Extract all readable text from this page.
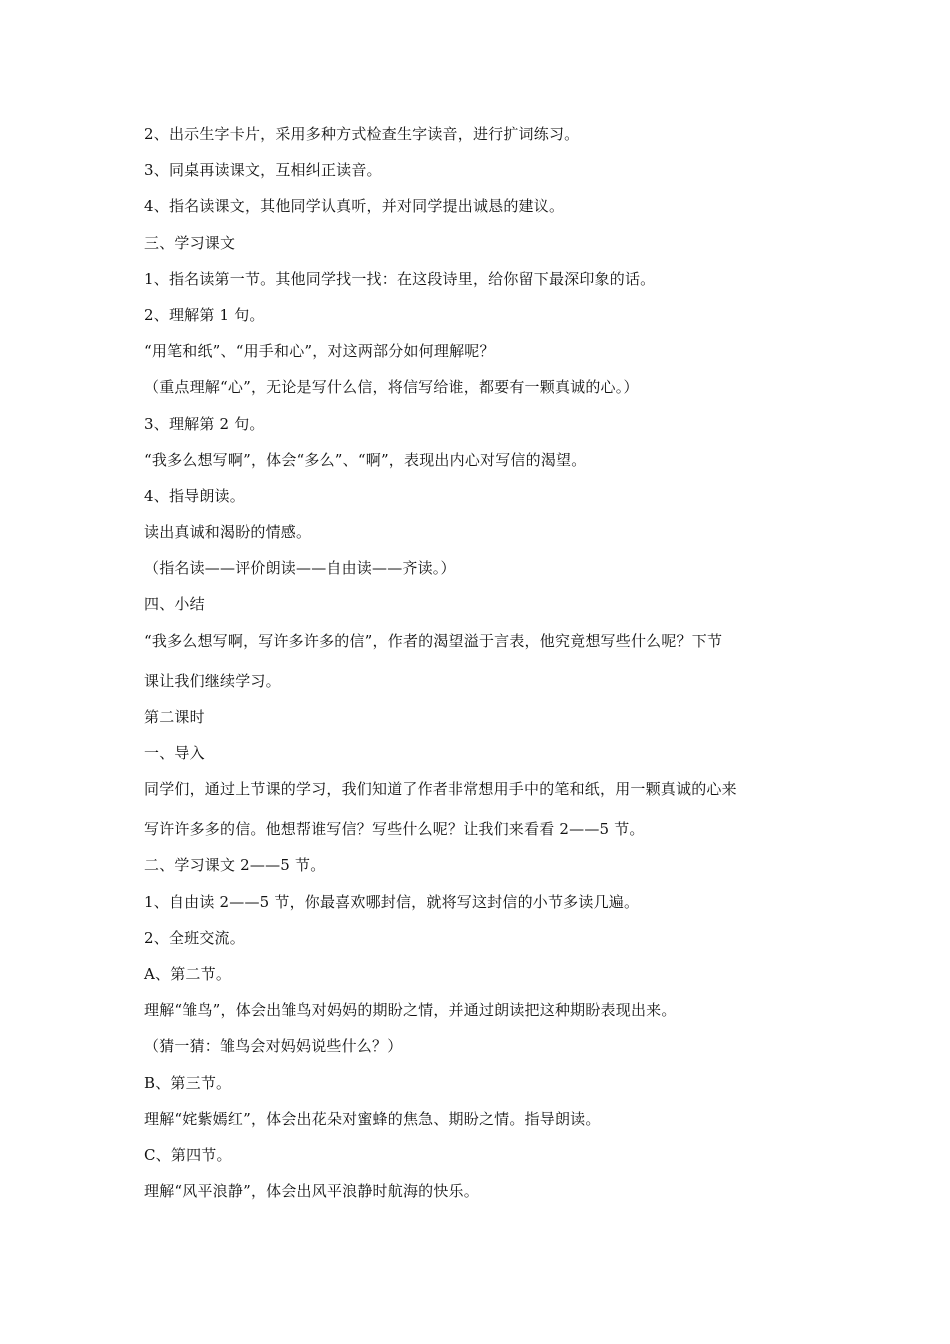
2、出示生字卡片，采用多种方式检查生字读音，进行扩词练习。
3、同桌再读课文，互相纠正读音。
4、指名读课文，其他同学认真听，并对同学提出诚恳的建议。
三、学习课文
1、指名读第一节。其他同学找一找：在这段诗里，给你留下最深印象的话。
2、理解第 1 句。
“用笔和纸”、“用手和心”，对这两部分如何理解呢？
（重点理解“心”，无论是写什么信，将信写给谁，都要有一颗真诚的心。）
3、理解第 2 句。
“我多么想写啊”，体会“多么”、“啊”，表现出内心对写信的渴望。
4、指导朗读。
读出真诚和渴盼的情感。
（指名读——评价朗读——自由读——齐读。）
四、小结
“我多么想写啊，写许多许多的信”，作者的渴望溢于言表，他究竟想写些什么呢？下节
课让我们继续学习。
第二课时
一、导入
同学们，通过上节课的学习，我们知道了作者非常想用手中的笔和纸，用一颗真诚的心来
写许许多多的信。他想帮谁写信？写些什么呢？让我们来看看 2——5 节。
二、学习课文 2——5 节。
1、自由读 2——5 节，你最喜欢哪封信，就将写这封信的小节多读几遍。
2、全班交流。
A、第二节。
理解“雏鸟”，体会出雏鸟对妈妈的期盼之情，并通过朗读把这种期盼表现出来。
（猜一猜：雏鸟会对妈妈说些什么？）
B、第三节。
理解“姹紫嫣红”，体会出花朵对蜜蜂的焦急、期盼之情。指导朗读。
C、第四节。
理解“风平浪静”，体会出风平浪静时航海的快乐。
